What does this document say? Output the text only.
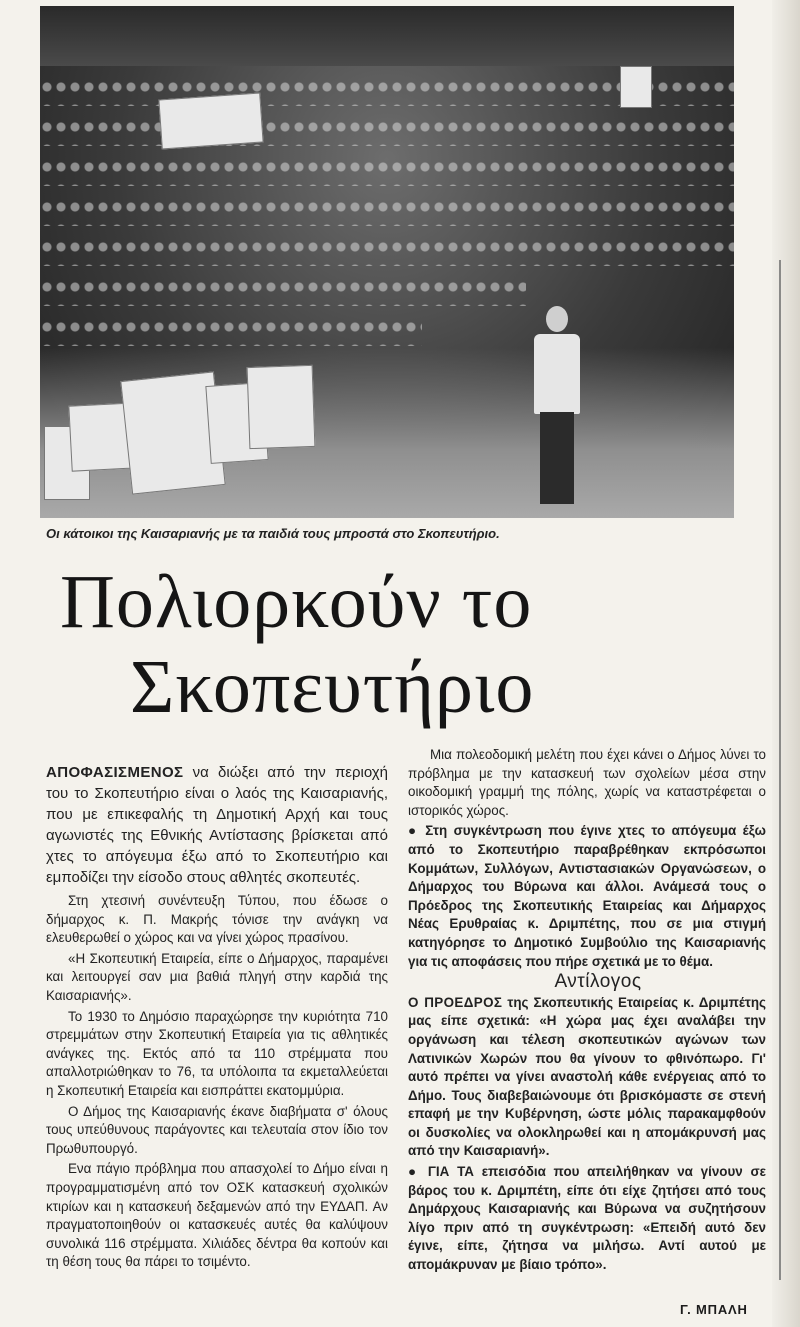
Οι κάτοικοι της Καισαριανής με τα παιδιά τους μπροστά στο Σκοπευτήριο.
Πολιορκούν το
Σκοπευτήριο

ΑΠΟΦΑΣΙΣΜΕΝΟΣ να διώξει από την περιοχή του το Σκοπευτήριο είναι ο λαός της Καισαριανής, που με επικεφαλής τη Δημοτική Αρχή και τους αγωνιστές της Εθνικής Αντίστασης βρίσκεται από χτες το απόγευμα έξω από το Σκοπευτήριο και εμποδίζει την είσοδο στους αθλητές σκοπευτές.

Στη χτεσινή συνέντευξη Τύπου, που έδωσε ο δήμαρχος κ. Π. Μακρής τόνισε την ανάγκη να ελευθερωθεί ο χώρος και να γίνει χώρος πρασίνου.

«Η Σκοπευτική Εταιρεία, είπε ο Δήμαρχος, παραμένει και λειτουργεί σαν μια βαθιά πληγή στην καρδιά της Καισαριανής».

Το 1930 το Δημόσιο παραχώρησε την κυριότητα 710 στρεμμάτων στην Σκοπευτική Εταιρεία για τις αθλητικές ανάγκες της. Εκτός από τα 110 στρέμματα που απαλλοτριώθηκαν το 76, τα υπόλοιπα τα εκμεταλλεύεται η Σκοπευτική Εταιρεία και εισπράττει εκατομμύρια.

Ο Δήμος της Καισαριανής έκανε διαβήματα σ' όλους τους υπεύθυνους παράγοντες και τελευταία στον ίδιο τον Πρωθυπουργό.

Ενα πάγιο πρόβλημα που απασχολεί το Δήμο είναι η προγραμματισμένη από τον ΟΣΚ κατασκευή σχολικών κτιρίων και η κατασκευή δεξαμενών από την ΕΥΔΑΠ. Αν πραγματοποιηθούν οι κατασκευές αυτές θα καλύψουν συνολικά 116 στρέμματα. Χιλιάδες δέντρα θα κοπούν και τη θέση τους θα πάρει το τσιμέντο.

Μια πολεοδομική μελέτη που έχει κάνει ο Δήμος λύνει το πρόβλημα με την κατασκευή των σχολείων μέσα στην οικοδομική γραμμή της πόλης, χωρίς να καταστρέφεται ο ιστορικός χώρος.

● Στη συγκέντρωση που έγινε χτες το απόγευμα έξω από το Σκοπευτήριο παραβρέθηκαν εκπρόσωποι Κομμάτων, Συλλόγων, Αντιστασιακών Οργανώσεων, ο Δήμαρχος του Βύρωνα και άλλοι. Ανάμεσά τους ο Πρόεδρος της Σκοπευτικής Εταιρείας και Δήμαρχος Νέας Ερυθραίας κ. Δριμπέτης, που σε μια στιγμή κατηγόρησε το Δημοτικό Συμβούλιο της Καισαριανής για τις αποφάσεις που πήρε σχετικά με το θέμα.

Αντίλογος

Ο ΠΡΟΕΔΡΟΣ της Σκοπευτικής Εταιρείας κ. Δριμπέτης μας είπε σχετικά: «Η χώρα μας έχει αναλάβει την οργάνωση και τέλεση σκοπευτικών αγώνων των Λατινικών Χωρών που θα γίνουν το φθινόπωρο. Γι' αυτό πρέπει να γίνει αναστολή κάθε ενέργειας από το Δήμο. Τους διαβεβαιώνουμε ότι βρισκόμαστε σε στενή επαφή με την Κυβέρνηση, ώστε μόλις παρακαμφθούν οι δυσκολίες να ολοκληρωθεί και η απομάκρυνσή μας από την Καισαριανή».

● ΓΙΑ ΤΑ επεισόδια που απειλήθηκαν να γίνουν σε βάρος του κ. Δριμπέτη, είπε ότι είχε ζητήσει από τους Δημάρχους Καισαριανής και Βύρωνα να συζητήσουν λίγο πριν από τη συγκέντρωση: «Επειδή αυτό δεν έγινε, είπε, ζήτησα να μιλήσω. Αντί αυτού με απομάκρυναν με βίαιο τρόπο».

Γ. ΜΠΑΛΗ
